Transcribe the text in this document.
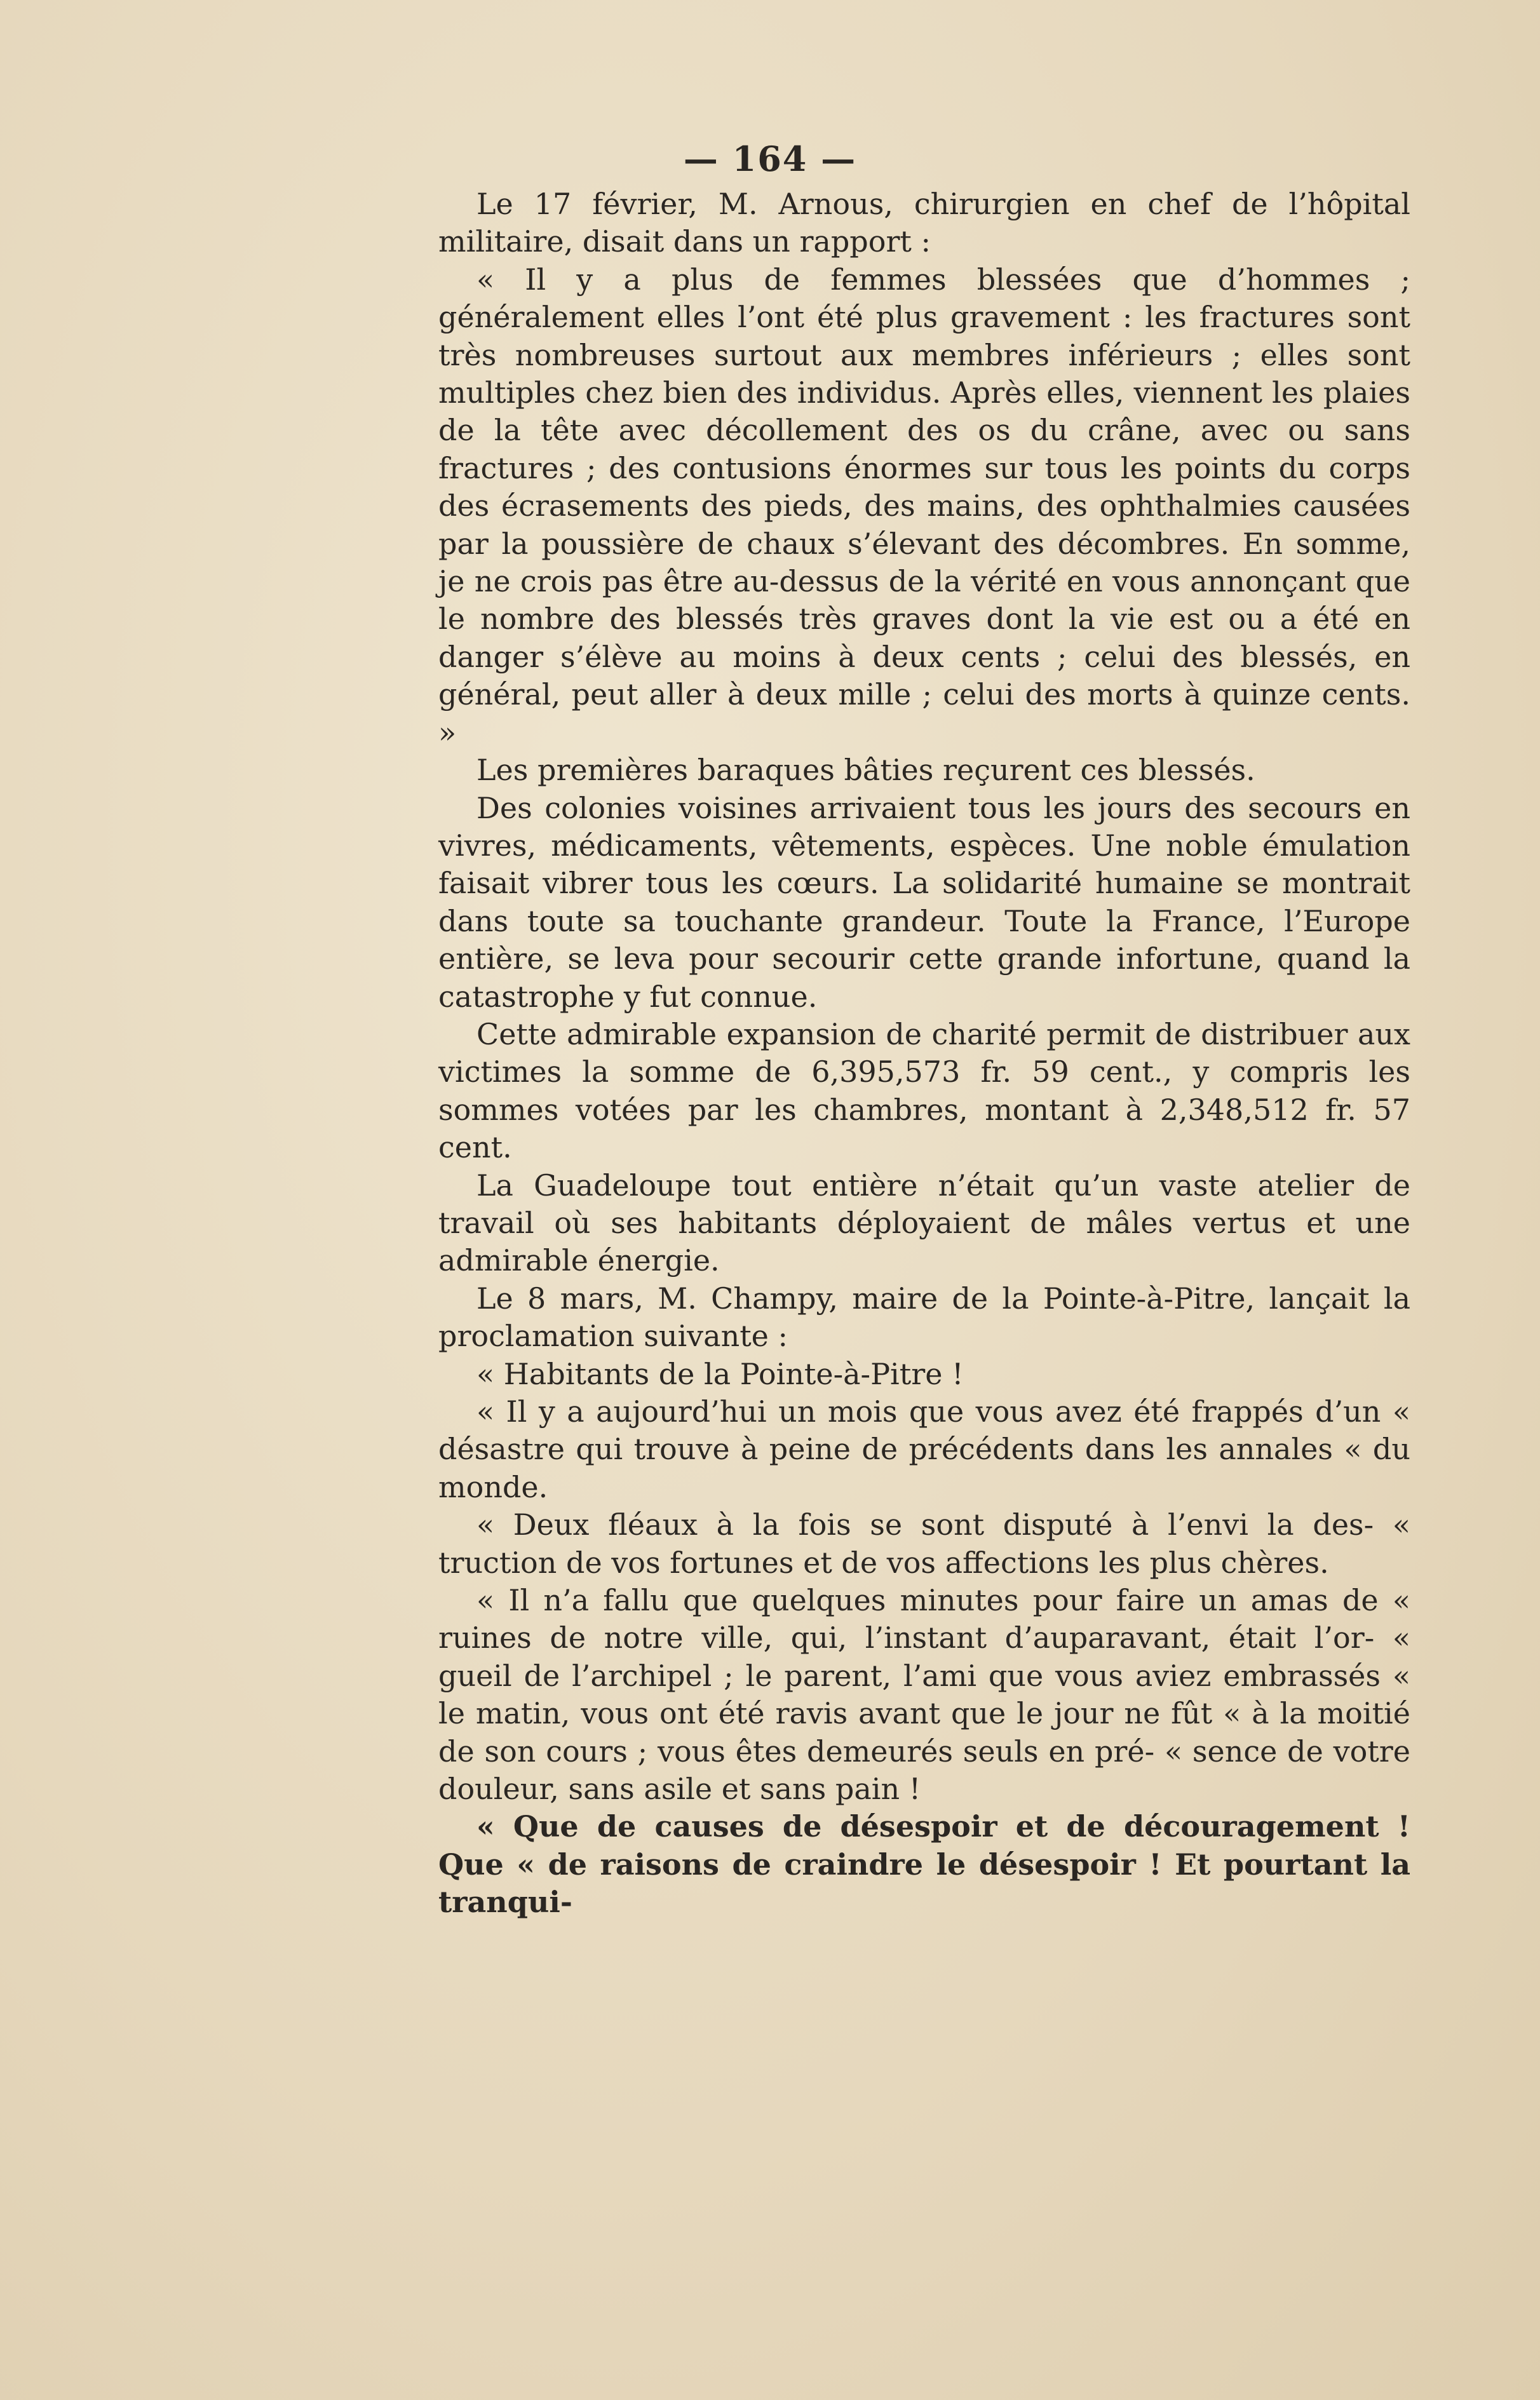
— 164 —

Le 17 février, M. Arnous, chirurgien en chef de l’hôpital militaire, disait dans un rapport :

« Il y a plus de femmes blessées que d’hommes ; généralement elles l’ont été plus gravement : les fractures sont très nombreuses surtout aux membres inférieurs ; elles sont multiples chez bien des individus. Après elles, viennent les plaies de la tête avec décollement des os du crâne, avec ou sans fractures ; des contusions énormes sur tous les points du corps des écrasements des pieds, des mains, des ophthalmies causées par la poussière de chaux s’élevant des décombres. En somme, je ne crois pas être au-dessus de la vérité en vous annonçant que le nombre des blessés très graves dont la vie est ou a été en danger s’élève au moins à deux cents ; celui des blessés, en général, peut aller à deux mille ; celui des morts à quinze cents. »

Les premières baraques bâties reçurent ces blessés.

Des colonies voisines arrivaient tous les jours des secours en vivres, médicaments, vêtements, espèces. Une noble émulation faisait vibrer tous les cœurs. La solidarité humaine se montrait dans toute sa touchante grandeur. Toute la France, l’Europe entière, se leva pour secourir cette grande infortune, quand la catastrophe y fut connue.

Cette admirable expansion de charité permit de distribuer aux victimes la somme de 6,395,573 fr. 59 cent., y compris les sommes votées par les chambres, montant à 2,348,512 fr. 57 cent.

La Guadeloupe tout entière n’était qu’un vaste atelier de travail où ses habitants déployaient de mâles vertus et une admirable énergie.

Le 8 mars, M. Champy, maire de la Pointe-à-Pitre, lançait la proclamation suivante :

« Habitants de la Pointe-à-Pitre !

« Il y a aujourd’hui un mois que vous avez été frappés d’un « désastre qui trouve à peine de précédents dans les annales « du monde.

« Deux fléaux à la fois se sont disputé à l’envi la des- « truction de vos fortunes et de vos affections les plus chères.

« Il n’a fallu que quelques minutes pour faire un amas de « ruines de notre ville, qui, l’instant d’auparavant, était l’or- « gueil de l’archipel ; le parent, l’ami que vous aviez embrassés « le matin, vous ont été ravis avant que le jour ne fût « à la moitié de son cours ; vous êtes demeurés seuls en pré- « sence de votre douleur, sans asile et sans pain !

« Que de causes de désespoir et de découragement ! Que « de raisons de craindre le désespoir ! Et pourtant la tranqui-
